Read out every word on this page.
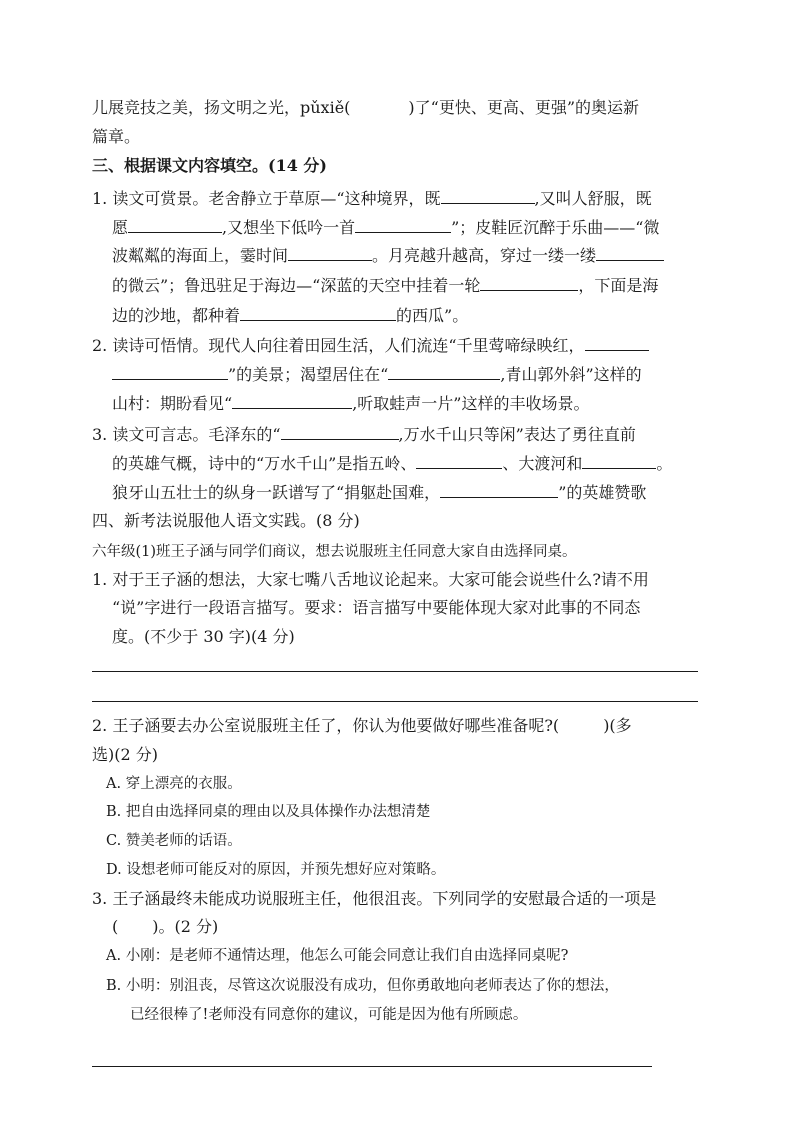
儿展竞技之美，扬文明之光，pǔxiě(	)了“更快、更高、更强”的奥运新
篇章。
三、根据课文内容填空。(14 分)
1. 读文可赏景。老舍静立于草原—“这种境界，既	,又叫人舒服，既
愿	,又想坐下低吟一首	”；皮鞋匠沉醉于乐曲——“微
波粼粼的海面上，霎时间	。月亮越升越高，穿过一缕一缕
的微云”；鲁迅驻足于海边—“深蓝的天空中挂着一轮	，下面是海
边的沙地，都种着	的西瓜”。
2. 读诗可悟情。现代人向往着田园生活，人们流连“千里莺啼绿映红，
”的美景；渴望居住在“	,青山郭外斜”这样的
山村：期盼看见“	,听取蛙声一片”这样的丰收场景。
3. 读文可言志。毛泽东的“	,万水千山只等闲”表达了勇往直前
的英雄气概，诗中的“万水千山”是指五岭、	、大渡河和	。
狼牙山五壮士的纵身一跃谱写了“捐躯赴国难，	”的英雄赞歌
四、新考法说服他人语文实践。(8 分)
六年级(1)班王子涵与同学们商议，想去说服班主任同意大家自由选择同桌。
1. 对于王子涵的想法，大家七嘴八舌地议论起来。大家可能会说些什么?请不用
“说”字进行一段语言描写。要求：语言描写中要能体现大家对此事的不同态
度。(不少于 30 字)(4 分)
2. 王子涵要去办公室说服班主任了，你认为他要做好哪些准备呢?(	)(多
选)(2 分)
A. 穿上漂亮的衣服。
B. 把自由选择同桌的理由以及具体操作办法想清楚
C. 赞美老师的话语。
D. 设想老师可能反对的原因，并预先想好应对策略。
3. 王子涵最终未能成功说服班主任，他很沮丧。下列同学的安慰最合适的一项是
( )。(2 分)
A. 小刚：是老师不通情达理，他怎么可能会同意让我们自由选择同桌呢?
B. 小明：别沮丧，尽管这次说服没有成功，但你勇敢地向老师表达了你的想法，
已经很棒了!老师没有同意你的建议，可能是因为他有所顾虑。
